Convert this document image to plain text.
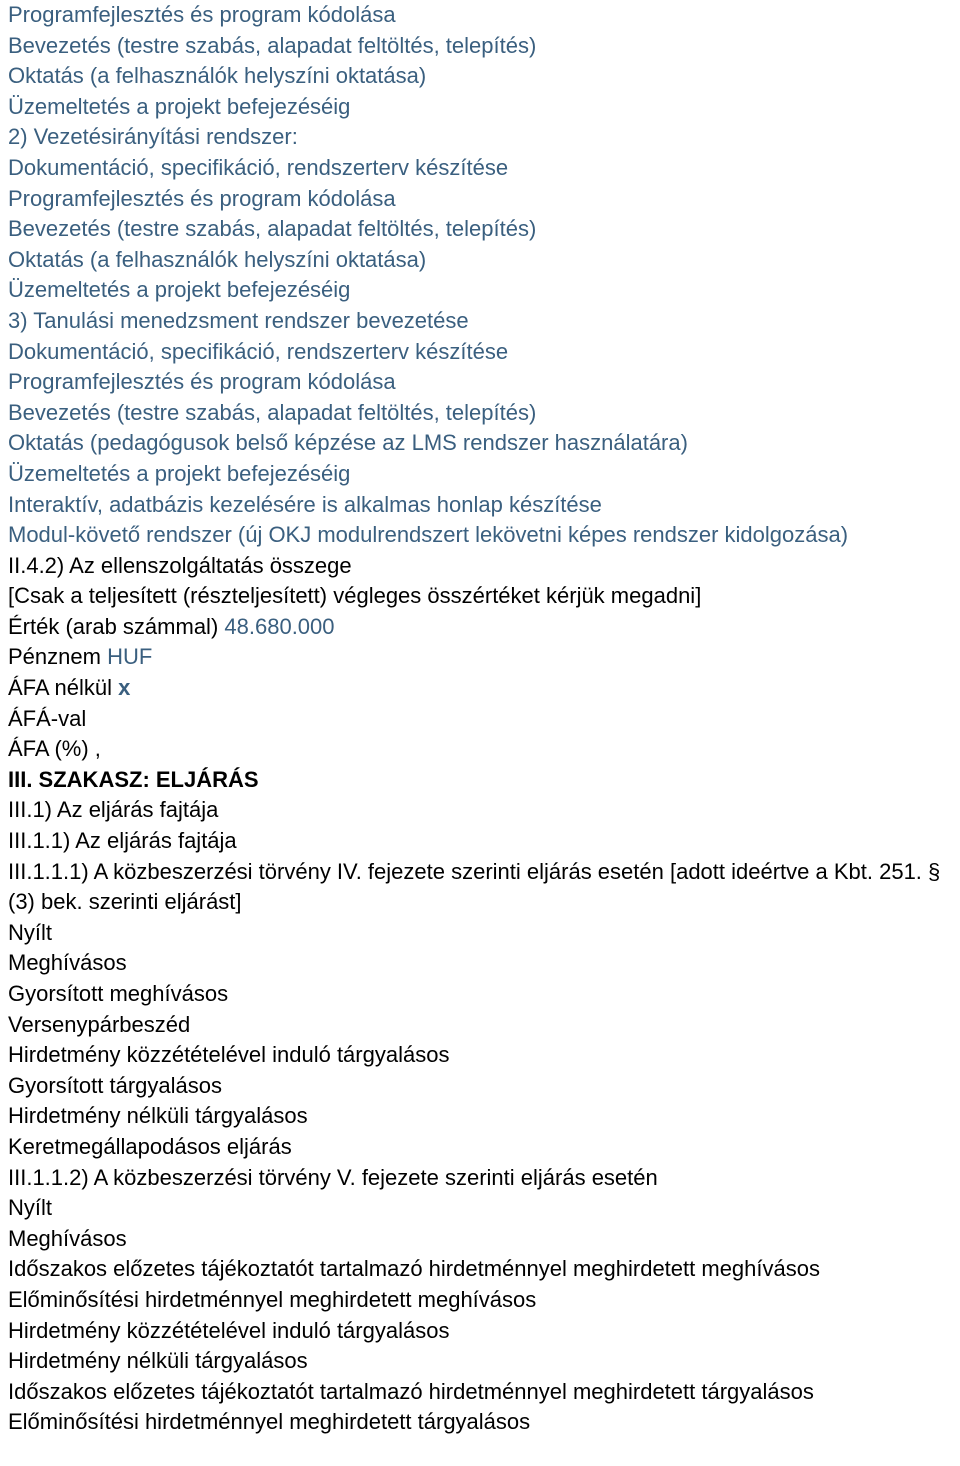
Programfejlesztés és program kódolása
Bevezetés (testre szabás, alapadat feltöltés, telepítés)
Oktatás (a felhasználók helyszíni oktatása)
Üzemeltetés a projekt befejezéséig
2) Vezetésirányítási rendszer:
Dokumentáció, specifikáció, rendszerterv készítése
Programfejlesztés és program kódolása
Bevezetés (testre szabás, alapadat feltöltés, telepítés)
Oktatás (a felhasználók helyszíni oktatása)
Üzemeltetés a projekt befejezéséig
3) Tanulási menedzsment rendszer bevezetése
Dokumentáció, specifikáció, rendszerterv készítése
Programfejlesztés és program kódolása
Bevezetés (testre szabás, alapadat feltöltés, telepítés)
Oktatás (pedagógusok belső képzése az LMS rendszer használatára)
Üzemeltetés a projekt befejezéséig
Interaktív, adatbázis kezelésére is alkalmas honlap készítése
Modul-követő rendszer (új OKJ modulrendszert lekövetni képes rendszer kidolgozása)
II.4.2) Az ellenszolgáltatás összege
[Csak a teljesített (részteljesített) végleges összértéket kérjük megadni]
Érték (arab számmal) 48.680.000
Pénznem HUF
ÁFA nélkül x
ÁFÁ-val
ÁFA (%) ,
III. SZAKASZ: ELJÁRÁS
III.1) Az eljárás fajtája
III.1.1) Az eljárás fajtája
III.1.1.1) A közbeszerzési törvény IV. fejezete szerinti eljárás esetén [adott ideértve a Kbt. 251. § (3) bek. szerinti eljárást]
Nyílt
Meghívásos
Gyorsított meghívásos
Versenypárbeszéd
Hirdetmény közzétételével induló tárgyalásos
Gyorsított tárgyalásos
Hirdetmény nélküli tárgyalásos
Keretmegállapodásos eljárás
III.1.1.2) A közbeszerzési törvény V. fejezete szerinti eljárás esetén
Nyílt
Meghívásos
Időszakos előzetes tájékoztatót tartalmazó hirdetménnyel meghirdetett meghívásos
Előminősítési hirdetménnyel meghirdetett meghívásos
Hirdetmény közzétételével induló tárgyalásos
Hirdetmény nélküli tárgyalásos
Időszakos előzetes tájékoztatót tartalmazó hirdetménnyel meghirdetett tárgyalásos
Előminősítési hirdetménnyel meghirdetett tárgyalásos
